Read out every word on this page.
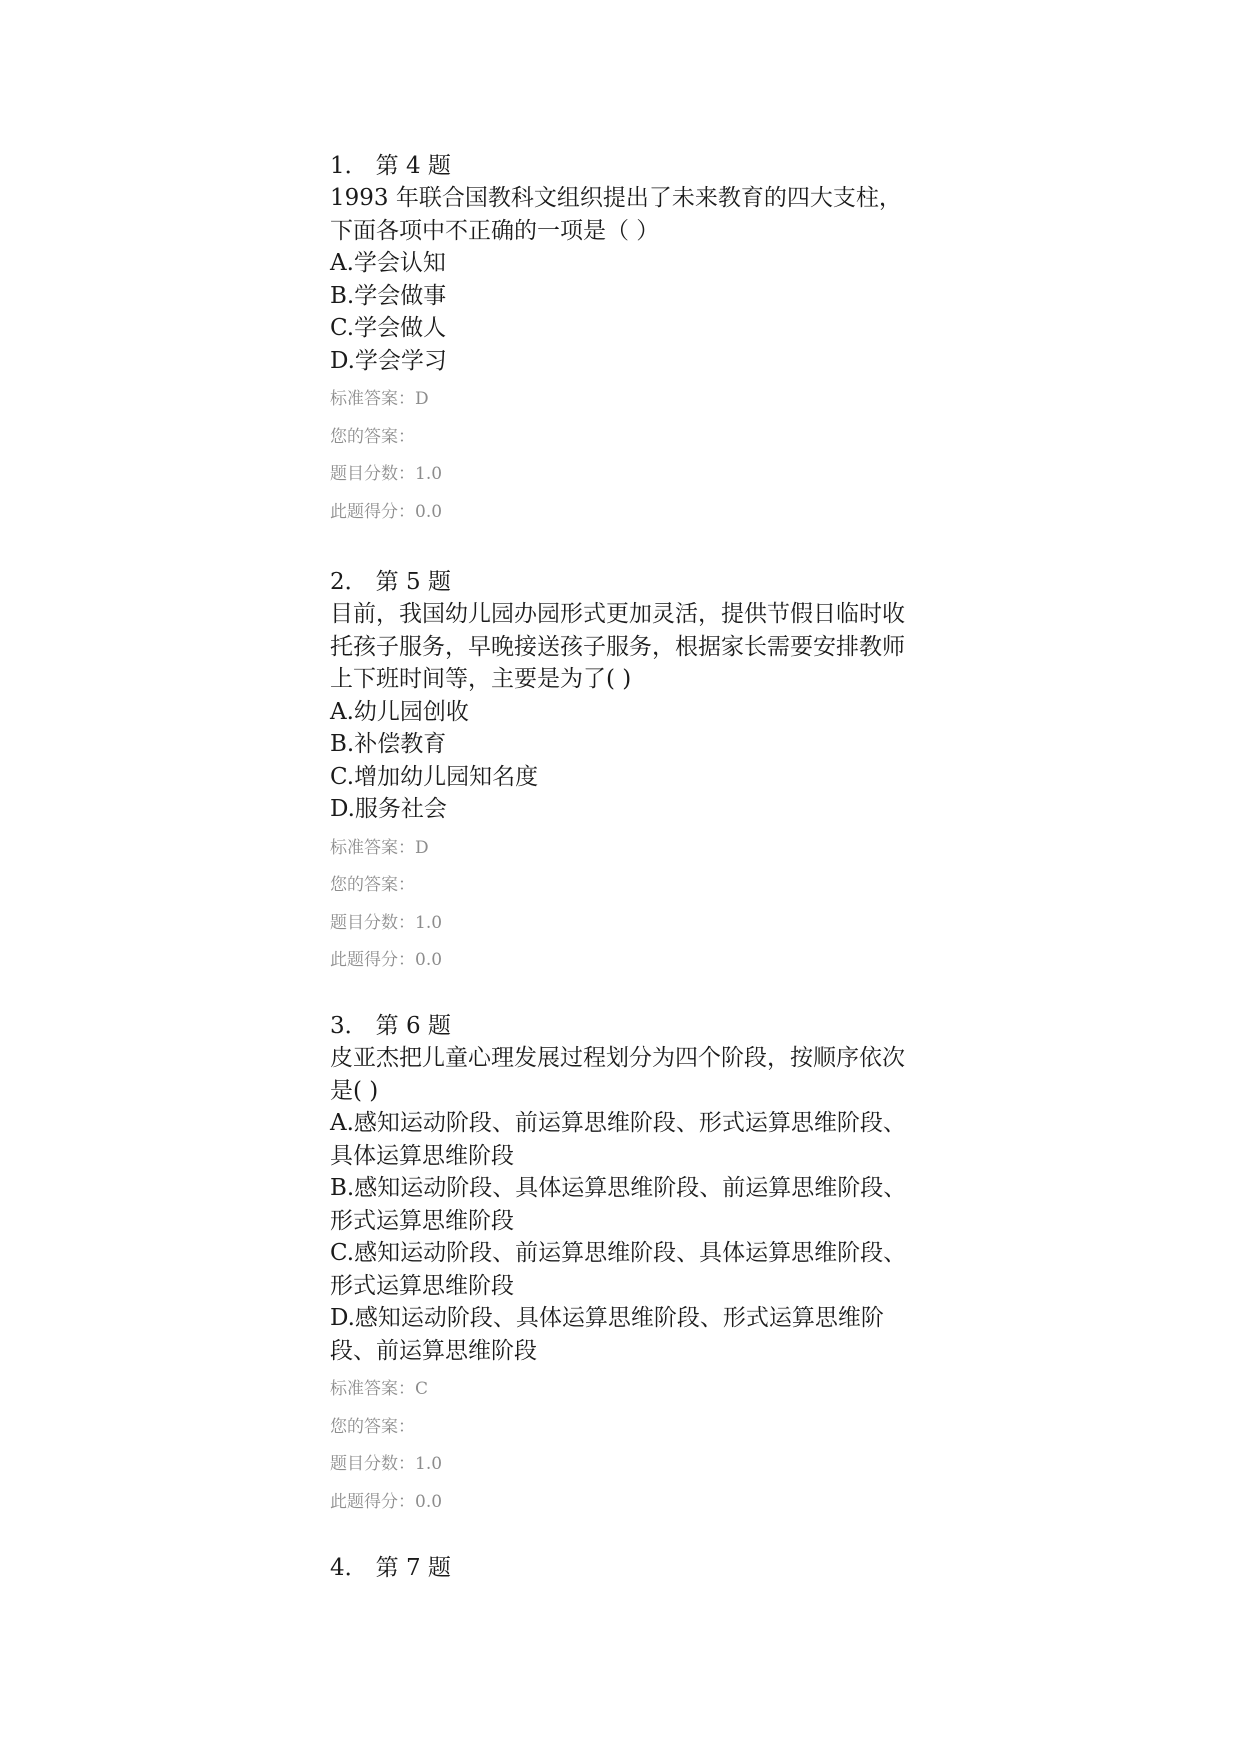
1． 第 4 题

1993 年联合国教科文组织提出了未来教育的四大支柱，下面各项中不正确的一项是（ ）

A.学会认知

B.学会做事

C.学会做人

D.学会学习

标准答案：D

您的答案：

题目分数：1.0

此题得分：0.0

2． 第 5 题

目前，我国幼儿园办园形式更加灵活，提供节假日临时收托孩子服务，早晚接送孩子服务，根据家长需要安排教师上下班时间等，主要是为了( )

A.幼儿园创收

B.补偿教育

C.增加幼儿园知名度

D.服务社会

标准答案：D

您的答案：

题目分数：1.0

此题得分：0.0

3． 第 6 题

皮亚杰把儿童心理发展过程划分为四个阶段，按顺序依次是( )

A.感知运动阶段、前运算思维阶段、形式运算思维阶段、具体运算思维阶段

B.感知运动阶段、具体运算思维阶段、前运算思维阶段、形式运算思维阶段

C.感知运动阶段、前运算思维阶段、具体运算思维阶段、形式运算思维阶段

D.感知运动阶段、具体运算思维阶段、形式运算思维阶段、前运算思维阶段

标准答案：C

您的答案：

题目分数：1.0

此题得分：0.0

4． 第 7 题
